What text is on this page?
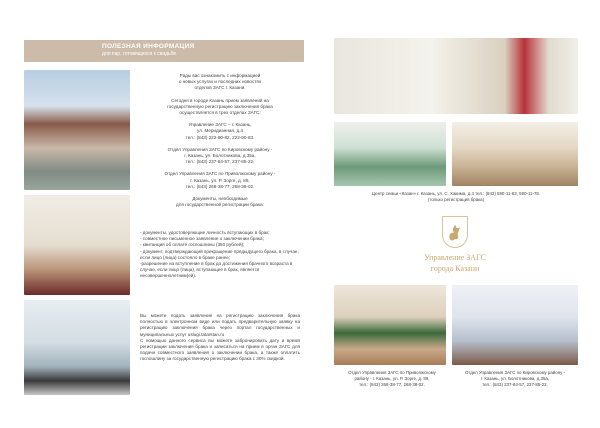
ПОЛЕЗНАЯ ИНФОРМАЦИЯ
для пар, готовящихся к свадьбе
Рады вас ознакомить с информацией
о новых услугах и последних новостях
отделов ЗАГС г. Казани.
Сегодня в городе Казань прием заявлений на
государственную регистрацию заключения брака
осуществляется в трех отделах ЗАГС:
Управление ЗАГС – г. Казань,
ул. Меридианная, д.4
тел.: (843) 222-90-82, 222-90-83.
Отдел Управления ЗАГС по Кировскому району -
г. Казань, ул. Болотникова, д.35а,
тел.: (843) 237-84-57, 237-85-22.
Отдел Управления ЗАГС по Приволжскому району -
г. Казань, ул. Р. Зорге, д. 89,
тел.: (843) 268-38-77, 268-38-02.
Документы, необходимые
для государственной регистрации брака:
- документы, удостоверяющие личность вступающих в брак;
- совместное письменное заявление о заключении брака;
- квитанция об оплате госпошлины (350 рублей);
- документ, подтверждающий прекращение предыдущего брака, в случае, если лицо (лица) состояло в браке ранее;
-разрешение на вступление в брак до достижения брачного возраста в случае, если лицо (лица), вступающее в брак, является несовершеннолетним(ей).
Вы можете подать заявление на регистрацию заключения брака полностью в электронном виде или подать предварительную заявку на регистрацию заключения брака через портал государственных и муниципальных услуг uslugi.tatarstan.ru
С помощью данного сервиса вы можете забронировать дату и время регистрации заключения брака и записаться на прием в орган ЗАГС для подачи совместного заявления о заключении брака, а также оплатить госпошлину за государственную регистрацию брака с 30% скидкой.
Центр семьи «Казан» г. Казань, ул. С. Хакима, д.4 тел.: (843) 590-11-63, 590-11-78.
(только регистрация брака)
Управление ЗАГС
города Казани
Отдел Управления ЗАГС по Приволжскому
району - г. Казань, ул. Р. Зорге, д. 89,
тел.: (843) 268-38-77, 268-38-02.
Отдел Управления ЗАГС по Кировскому району -
г. Казань, ул. Болотникова, д.35а,
тел.: (843) 237-84-57, 237-85-22.
